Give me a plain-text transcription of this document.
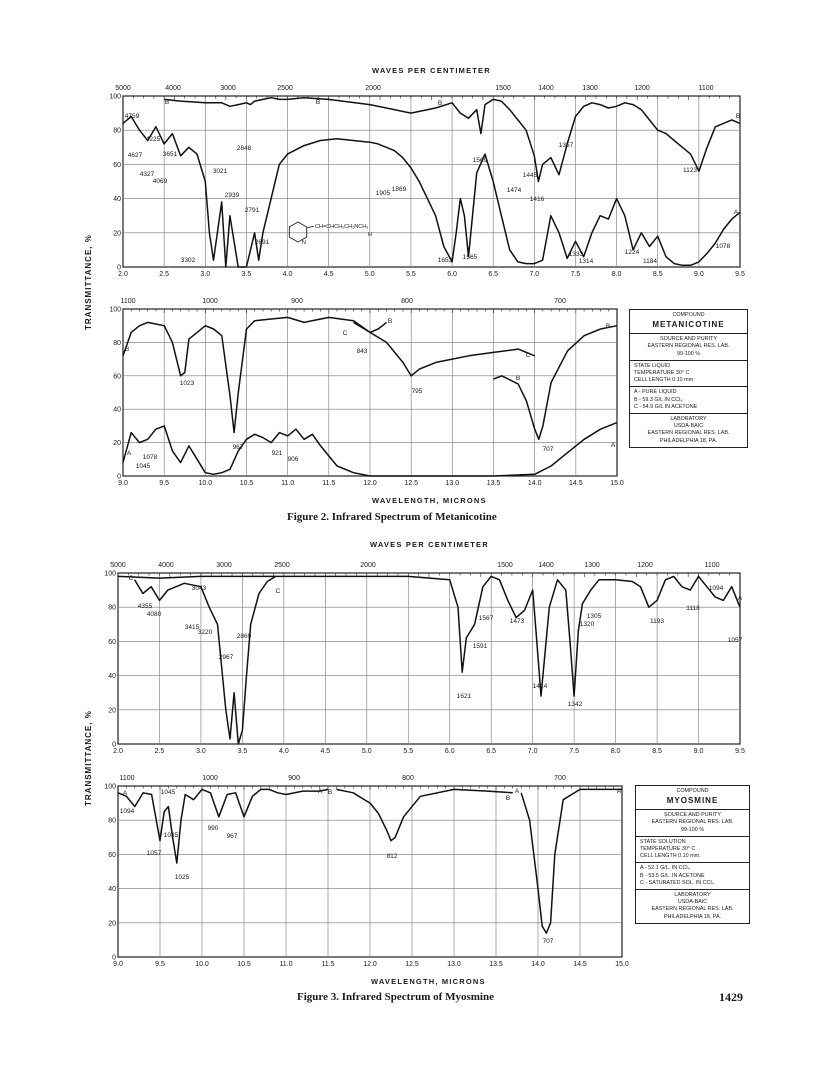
2.0	2.5	3.0	3.5	4.0	4.5	5.0	5.5	6.0	6.5	7.0	7.5	8.0	8.5	9.0	9.5
0
20
40
60
80
100
5000	4000	3000	2500	2000	1500	1400	1300	1200	1100
4759
4627
4225
4327
4069
3651
3021
2848
2939
2791
2691
3302
1905
1869
1653 1565
1569
1474
1445
1416
1357
1333
1314
1224
1184
1123
1078
B	B	B
B
A
N
CH=CHCH₂CH₂NCH₃
H
9.0	9.5	10.0	10.5	11.0	11.5	12.0	12.5	13.0	13.5	14.0	14.5	15.0
0
20
40
60
80
100
1100	1000	900	800	700
1078
1045
1023
967
921
906
843
795
707
B
A
C
B
C
B
B
A
2.0	2.5	3.0	3.5	4.0	4.5	5.0	5.5	6.0	6.5	7.0	7.5	8.0	8.5	9.0	9.5
0
20
40
60
80
100
5000	4000	3000	2500	2000	1500	1400	1300	1200	1100
4355
4080
3043
3415
3220
2869
2967
1621
1591
1567	1473
1414
1342
1305
1320	1193
1118
1094
1057
C
C
A
9.0	9.5	10.0	10.5	11.0	11.5	12.0	12.5	13.0	13.5	14.0	14.5	15.0
0
20
40
60
80
100
1100	1000	900	800	700
1094
1045
1035
1057
1025
990
967
812
707
A	A B
B
A	A
WAVES PER CENTIMETER
TRANSMITTANCE, %
WAVELENGTH, MICRONS
Figure 2. Infrared Spectrum of Metanicotine
COMPOUND
METANICOTINE
SOURCE AND PURITY
EASTERN REGIONAL RES. LAB.
99-100 %
STATE LIQUID
TEMPERATURE 30° C
CELL LENGTH 0.10 mm
A - PURE LIQUID
B - 59.3 G/L IN CCl₄
C - 54.9 G/L IN ACETONE
LABORATORY
USDA-BAIC
EASTERN REGIONAL RES. LAB.
PHILADELPHIA 18, PA.
WAVES PER CENTIMETER
TRANSMITTANCE, %
WAVELENGTH, MICRONS
Figure 3. Infrared Spectrum of Myosmine
COMPOUND
MYOSMINE
SOURCE AND PURITY
EASTERN REGIONAL RES. LAB.
99-100 %
STATE SOLUTION
TEMPERATURE 30° C
CELL LENGTH 0.10 mm.
A - 52.1 G/L. IN CCl₄
B - 53.5 G/L. IN ACETONE
C - SATURATED SOL. IN CCl₄
LABORATORY
USDA-BAIC
EASTERN REGIONAL RES. LAB.
PHILADELPHIA 18, PA.
1429
